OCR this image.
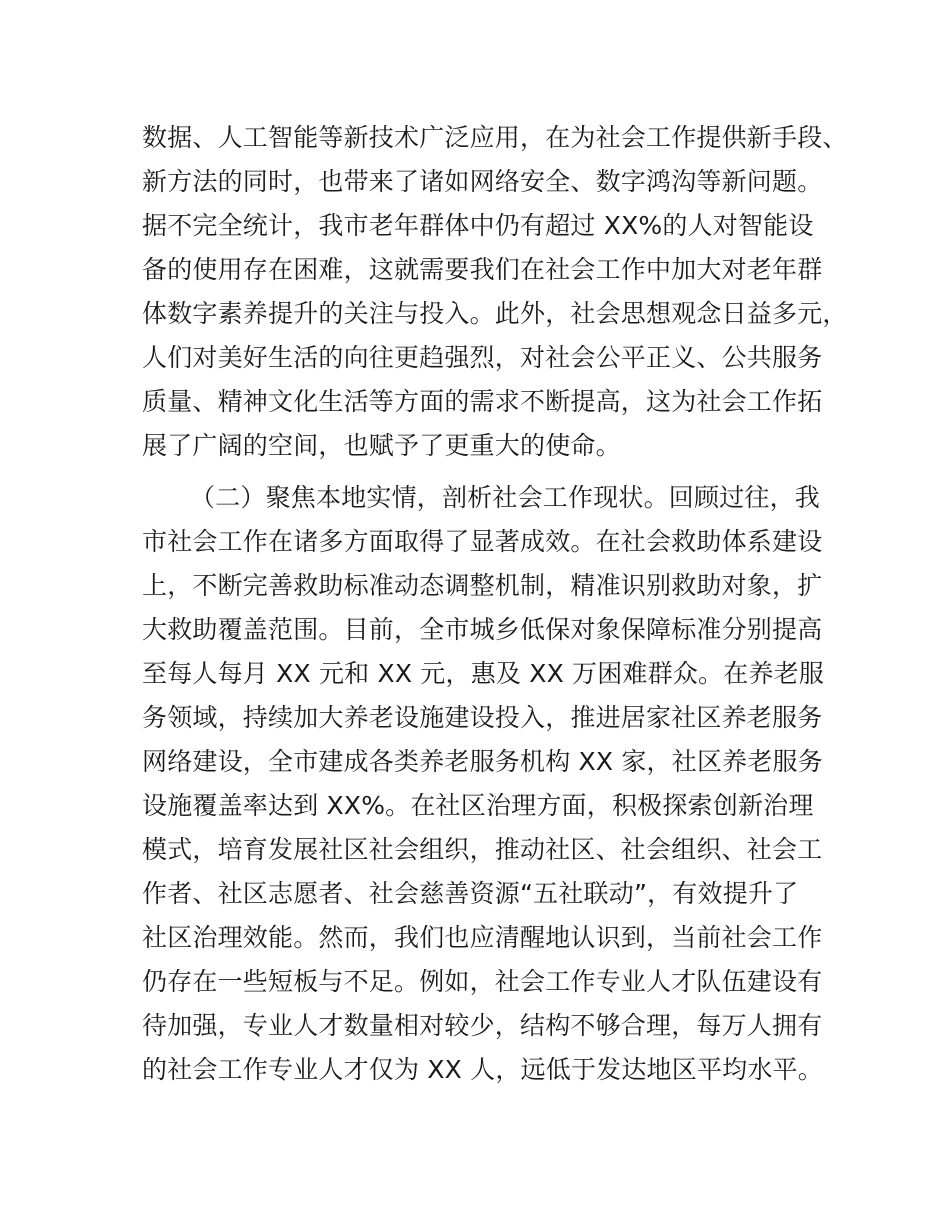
数据、人工智能等新技术广泛应用，在为社会工作提供新手段、
新方法的同时，也带来了诸如网络安全、数字鸿沟等新问题。
据不完全统计，我市老年群体中仍有超过 XX%的人对智能设
备的使用存在困难，这就需要我们在社会工作中加大对老年群
体数字素养提升的关注与投入。此外，社会思想观念日益多元，
人们对美好生活的向往更趋强烈，对社会公平正义、公共服务
质量、精神文化生活等方面的需求不断提高，这为社会工作拓
展了广阔的空间，也赋予了更重大的使命。
（二）聚焦本地实情，剖析社会工作现状。回顾过往，我
市社会工作在诸多方面取得了显著成效。在社会救助体系建设
上，不断完善救助标准动态调整机制，精准识别救助对象，扩
大救助覆盖范围。目前，全市城乡低保对象保障标准分别提高
至每人每月 XX 元和 XX 元，惠及 XX 万困难群众。在养老服
务领域，持续加大养老设施建设投入，推进居家社区养老服务
网络建设，全市建成各类养老服务机构 XX 家，社区养老服务
设施覆盖率达到 XX%。在社区治理方面，积极探索创新治理
模式，培育发展社区社会组织，推动社区、社会组织、社会工
作者、社区志愿者、社会慈善资源“五社联动”，有效提升了
社区治理效能。然而，我们也应清醒地认识到，当前社会工作
仍存在一些短板与不足。例如，社会工作专业人才队伍建设有
待加强，专业人才数量相对较少，结构不够合理，每万人拥有
的社会工作专业人才仅为 XX 人，远低于发达地区平均水平。
